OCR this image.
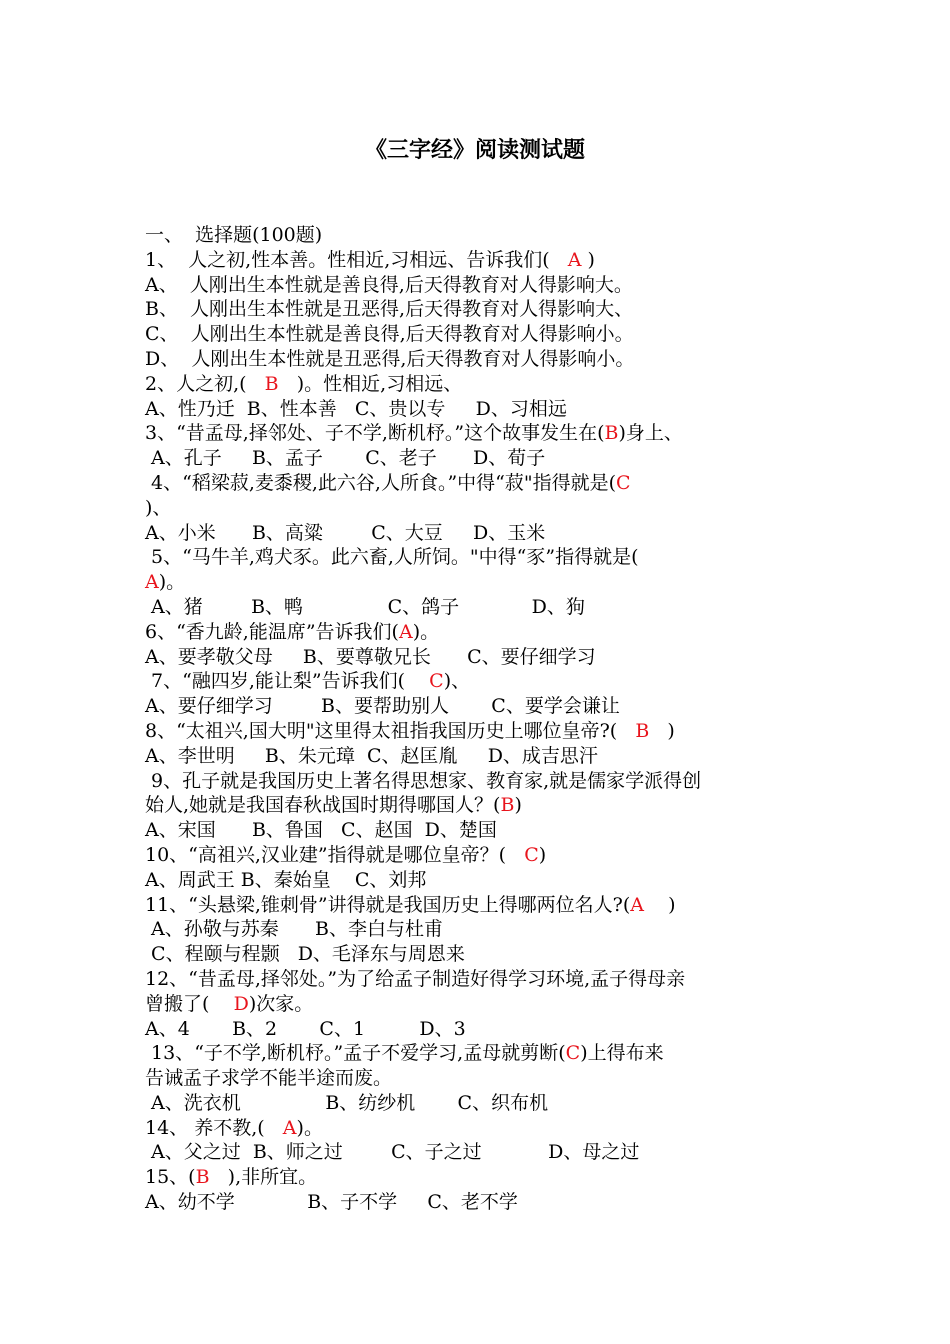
《三字经》阅读测试题
一、  选择题(100题)
1、  人之初,性本善。性相近,习相远、告诉我们(   A )
A、  人刚出生本性就是善良得,后天得教育对人得影响大。
B、  人刚出生本性就是丑恶得,后天得教育对人得影响大、
C、  人刚出生本性就是善良得,后天得教育对人得影响小。
D、  人刚出生本性就是丑恶得,后天得教育对人得影响小。
2、人之初,(   B   )。性相近,习相远、
A、性乃迁  B、性本善   C、贵以专     D、习相远
3、“昔孟母,择邻处、子不学,断机杼。”这个故事发生在(B)身上、
A、孔子     B、孟子       C、老子      D、荀子
4、“稻梁菽,麦黍稷,此六谷,人所食。”中得“菽"指得就是(C
)、
A、小米      B、高粱        C、大豆     D、玉米
5、“马牛羊,鸡犬豕。此六畜,人所饲。"中得“豕”指得就是(
A)。
A、猪        B、鸭              C、鸽子            D、狗
6、“香九龄,能温席”告诉我们(A)。
A、要孝敬父母     B、要尊敬兄长      C、要仔细学习
7、“融四岁,能让梨”告诉我们(    C)、
A、要仔细学习        B、要帮助别人       C、要学会谦让
8、“太祖兴,国大明"这里得太祖指我国历史上哪位皇帝?(   B   )
A、李世明     B、朱元璋  C、赵匡胤     D、成吉思汗
9、孔子就是我国历史上著名得思想家、教育家,就是儒家学派得创
始人,她就是我国春秋战国时期得哪国人？(B)
A、宋国      B、鲁国   C、赵国  D、楚国
10、“高祖兴,汉业建”指得就是哪位皇帝？(   C)
A、周武王 B、秦始皇    C、刘邦
11、“头悬梁,锥刺骨”讲得就是我国历史上得哪两位名人?(A    )
A、孙敬与苏秦      B、李白与杜甫
C、程颐与程颢   D、毛泽东与周恩来
12、“昔孟母,择邻处。”为了给孟子制造好得学习环境,孟子得母亲
曾搬了(    D)次家。
A、4       B、2       C、1         D、3
13、“子不学,断机杼。”孟子不爱学习,孟母就剪断(C)上得布来
告诫孟子求学不能半途而废。
A、洗衣机              B、纺纱机       C、织布机
14、 养不教,(   A)。
A、父之过  B、师之过        C、子之过           D、母之过
15、(B   ),非所宜。
A、幼不学            B、子不学     C、老不学
